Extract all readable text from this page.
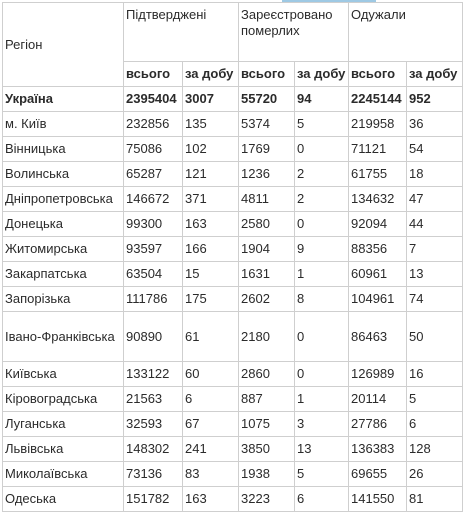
Регіон	Підтверджені		Зареєстровано померлих		Одужали	
	всього	за добу	всього	за добу	всього	за добу
Україна	2395404	3007	55720	94	2245144	952
м. Київ	232856	135	5374	5	219958	36
Вінницька	75086	102	1769	0	71121	54
Волинська	65287	121	1236	2	61755	18
Дніпропетровська	146672	371	4811	2	134632	47
Донецька	99300	163	2580	0	92094	44
Житомирська	93597	166	1904	9	88356	7
Закарпатська	63504	15	1631	1	60961	13
Запорізька	111786	175	2602	8	104961	74
Івано-Франківська	90890	61	2180	0	86463	50
Київська	133122	60	2860	0	126989	16
Кіровоградська	21563	6	887	1	20114	5
Луганська	32593	67	1075	3	27786	6
Львівська	148302	241	3850	13	136383	128
Миколаївська	73136	83	1938	5	69655	26
Одеська	151782	163	3223	6	141550	81
